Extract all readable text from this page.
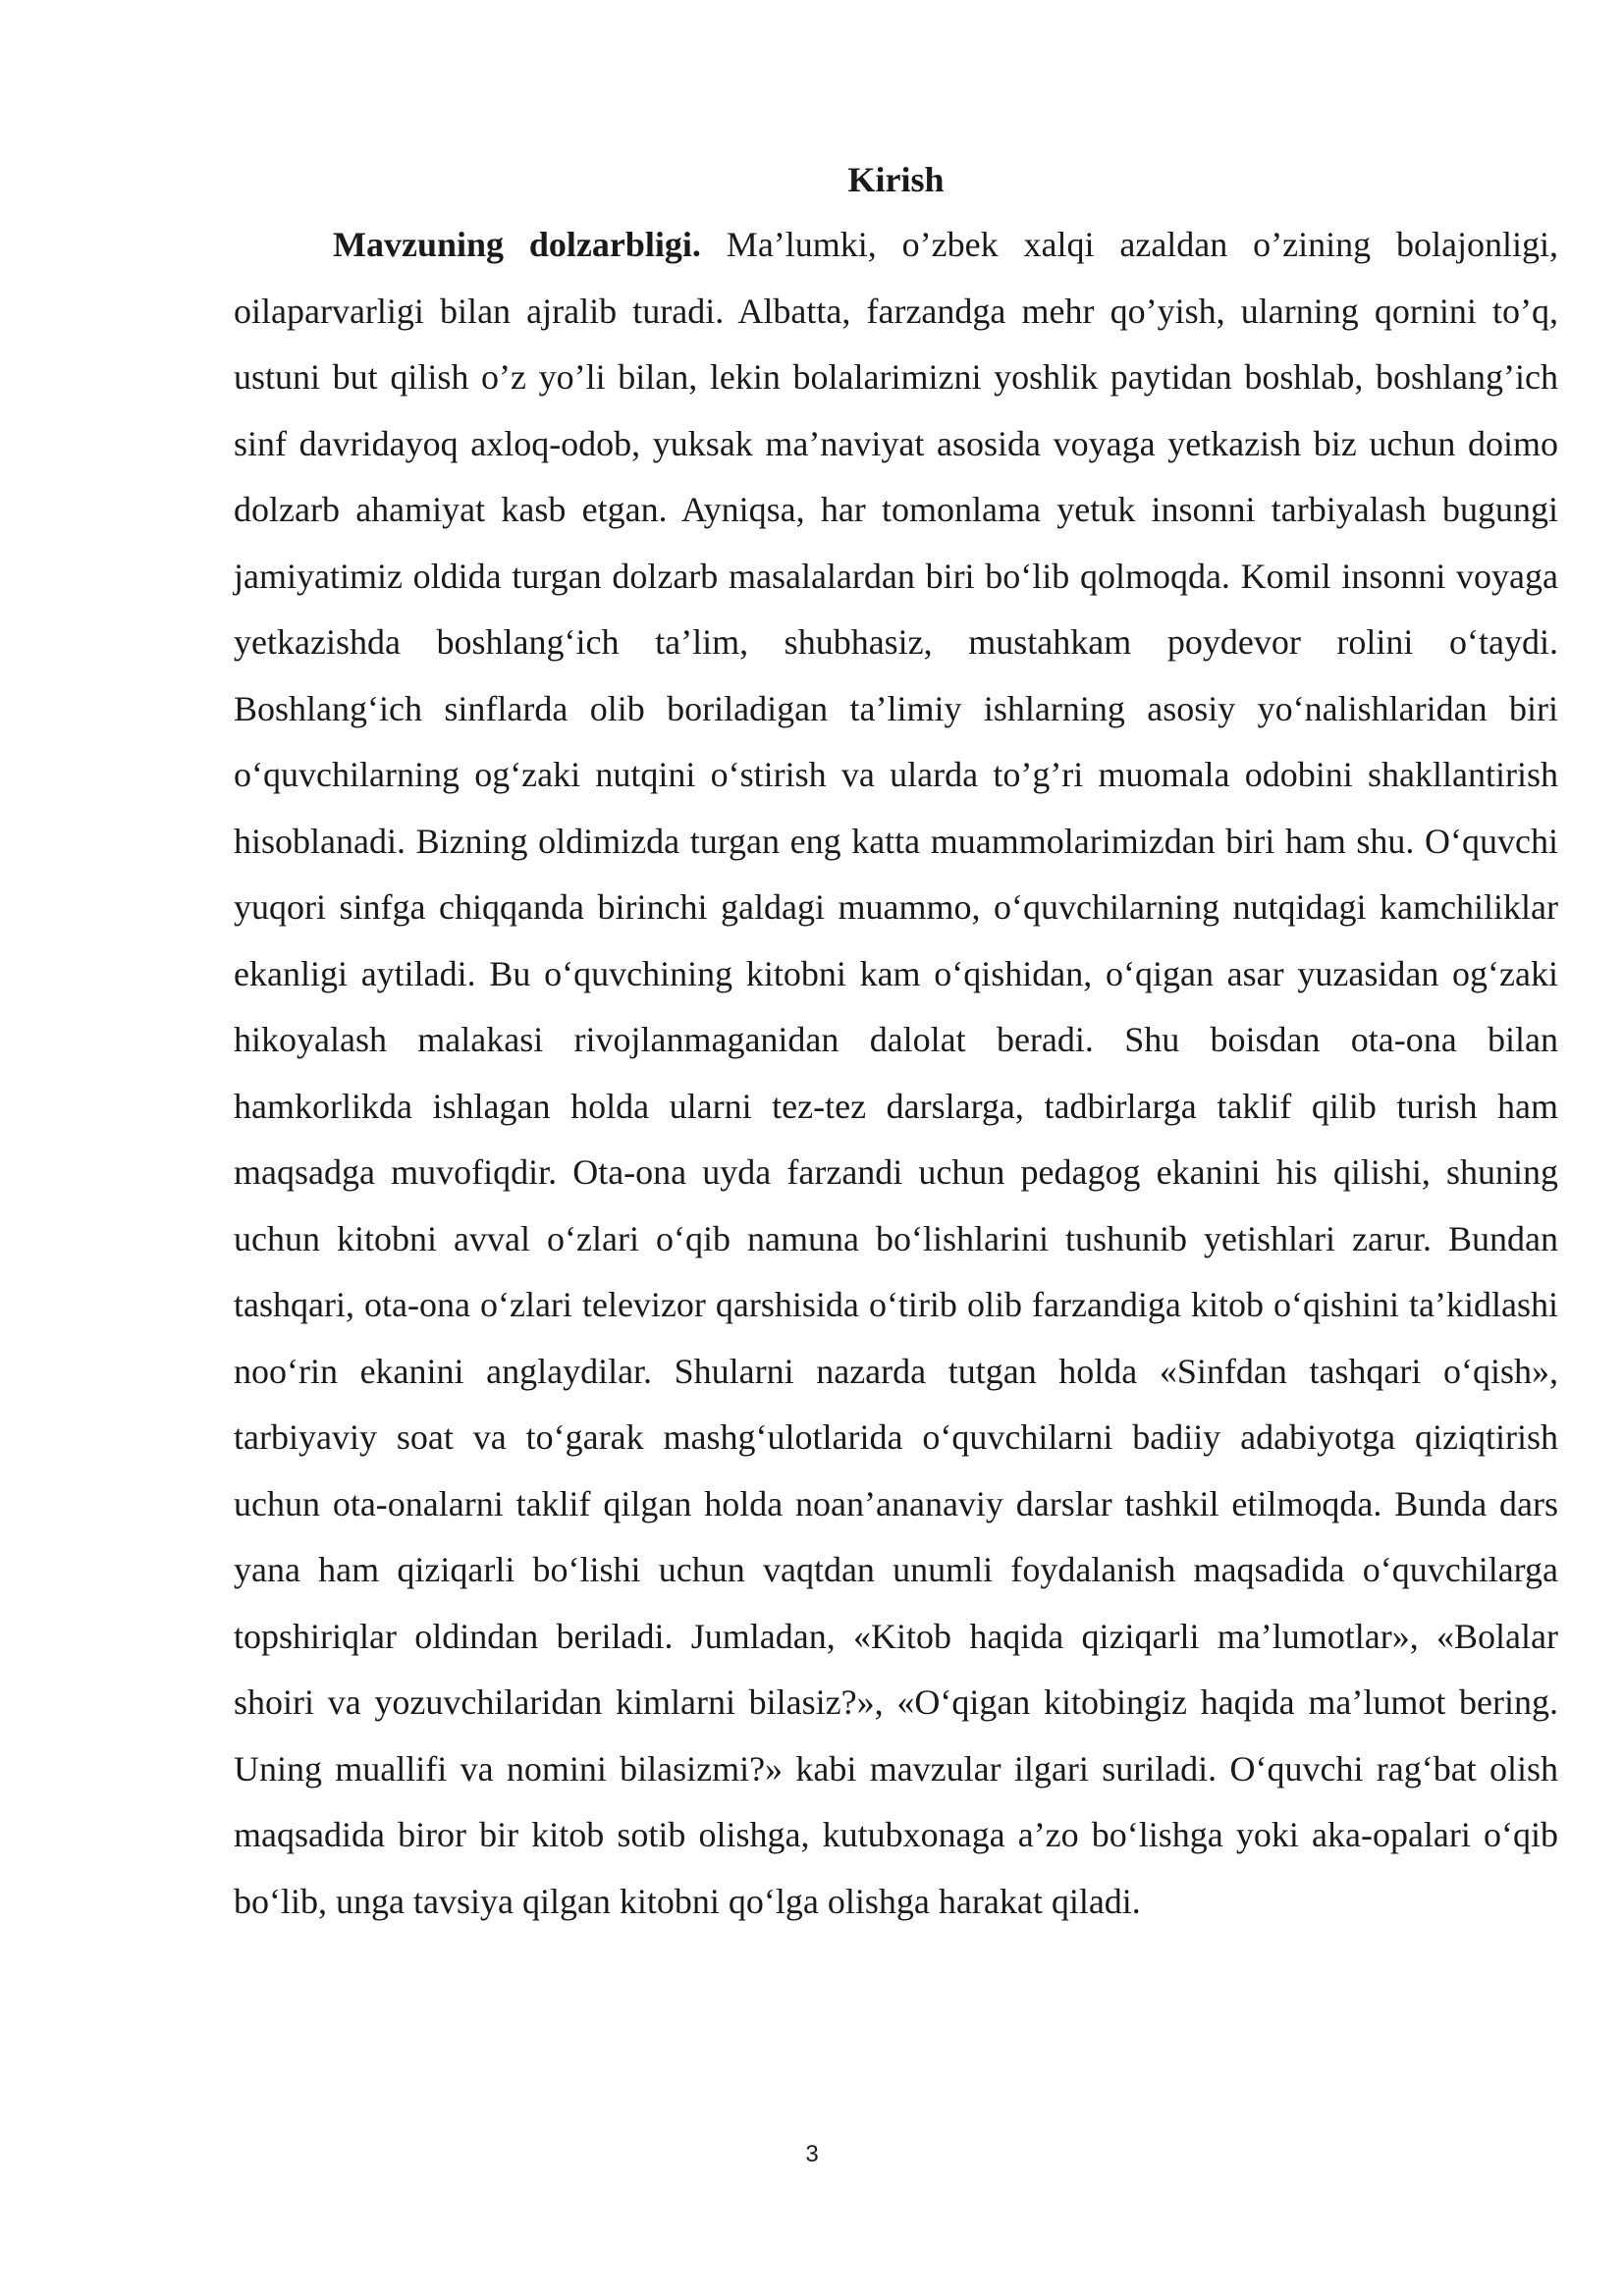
Kirish

Mavzuning dolzarbligi. Ma’lumki, o’zbek xalqi azaldan o’zining bolajonligi, oilaparvarligi bilan ajralib turadi. Albatta, farzandga mehr qo’yish, ularning qornini to’q, ustuni but qilish o’z yo’li bilan, lekin bolalarimizni yoshlik paytidan boshlab, boshlang’ich sinf davridayoq axloq-odob, yuksak ma’naviyat asosida voyaga yetkazish biz uchun doimo dolzarb ahamiyat kasb etgan. Ayniqsa, har tomonlama yetuk insonni tarbiyalash bugungi jamiyatimiz oldida turgan dolzarb masalalardan biri bo‘lib qolmoqda. Komil insonni voyaga yetkazishda boshlang‘ich ta’lim, shubhasiz, mustahkam poydevor rolini o‘taydi. Boshlang‘ich sinflarda olib boriladigan ta’limiy ishlarning asosiy yo‘nalishlaridan biri o‘quvchilarning og‘zaki nutqini o‘stirish va ularda to’g’ri muomala odobini shakllantirish hisoblanadi. Bizning oldimizda turgan eng katta muammolarimizdan biri ham shu. O‘quvchi yuqori sinfga chiqqanda birinchi galdagi muammo, o‘quvchilarning nutqidagi kamchiliklar ekanligi aytiladi. Bu o‘quvchining kitobni kam o‘qishidan, o‘qigan asar yuzasidan og‘zaki hikoyalash malakasi rivojlanmaganidan dalolat beradi. Shu boisdan ota-ona bilan hamkorlikda ishlagan holda ularni tez-tez darslarga, tadbirlarga taklif qilib turish ham maqsadga muvofiqdir. Ota-ona uyda farzandi uchun pedagog ekanini his qilishi, shuning uchun kitobni avval o‘zlari o‘qib namuna bo‘lishlarini tushunib yetishlari zarur. Bundan tashqari, ota-ona o‘zlari televizor qarshisida o‘tirib olib farzandiga kitob o‘qishini ta’kidlashi noo‘rin ekanini anglaydilar. Shularni nazarda tutgan holda «Sinfdan tashqari o‘qish», tarbiyaviy soat va to‘garak mashg‘ulotlarida o‘quvchilarni badiiy adabiyotga qiziqtirish uchun ota-onalarni taklif qilgan holda noan’ananaviy darslar tashkil etilmoqda. Bunda dars yana ham qiziqarli bo‘lishi uchun vaqtdan unumli foydalanish maqsadida o‘quvchilarga topshiriqlar oldindan beriladi. Jumladan, «Kitob haqida qiziqarli ma’lumotlar», «Bolalar shoiri va yozuvchilaridan kimlarni bilasiz?», «O‘qigan kitobingiz haqida ma’lumot bering. Uning muallifi va nomini bilasizmi?» kabi mavzular ilgari suriladi. O‘quvchi rag‘bat olish maqsadida biror bir kitob sotib olishga, kutubxonaga a’zo bo‘lishga yoki aka-opalari o‘qib bo‘lib, unga tavsiya qilgan kitobni qo‘lga olishga harakat qiladi.

3
